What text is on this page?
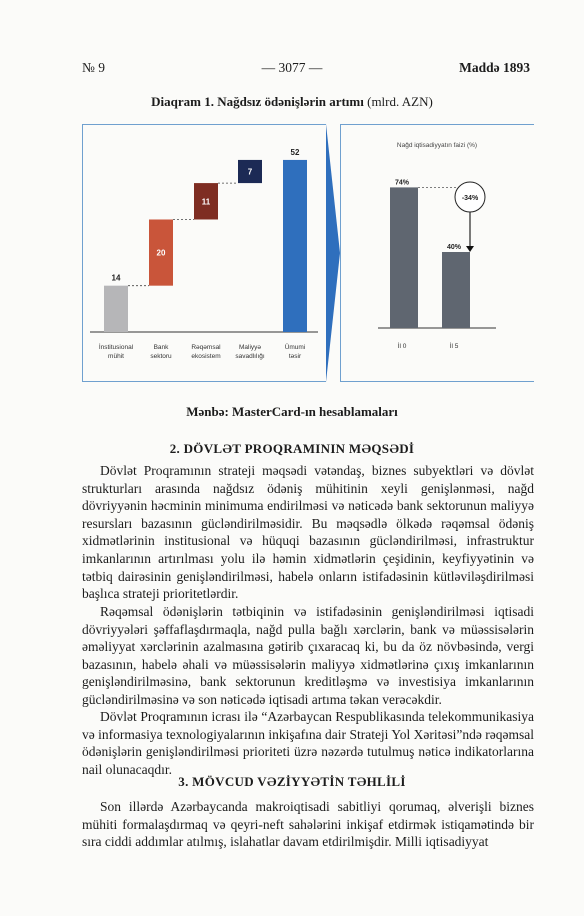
№ 9	— 3077 —	Maddə 1893
Diaqram 1. Nağdsız ödənişlərin artımı (mlrd. AZN)
14
İnstitusional
mühit
20
Bank
sektoru
11
Rəqəmsal
ekosistem
7
Maliyyə
savadlılığı
52
Ümumi
təsir
Nağd iqtisadiyyatın faizi (%)
74%
İl 0
40%
İl 5
-34%
Mənbə: MasterCard-ın hesablamaları
2. DÖVLƏT PROQRAMININ MƏQSƏDİ
Dövlət Proqramının strateji məqsədi vətəndaş, biznes subyektləri və dövlət strukturları arasında nağdsız ödəniş mühitinin xeyli genişlənməsi, nağd dövriyyənin həcminin minimuma endirilməsi və nəticədə bank sektorunun maliyyə resursları bazasının gücləndirilməsidir. Bu məqsədlə ölkədə rəqəmsal ödəniş xidmətlərinin institusional və hüquqi bazasının gücləndirilməsi, infrastruktur imkanlarının artırılması yolu ilə həmin xidmətlərin çeşidinin, keyfiyyətinin və tətbiq dairəsinin genişləndirilməsi, habelə onların istifadəsinin kütləviləşdirilməsi başlıca strateji prioritetlərdir.
Rəqəmsal ödənişlərin tətbiqinin və istifadəsinin genişləndirilməsi iqtisadi dövriyyələri şəffaflaşdırmaqla, nağd pulla bağlı xərclərin, bank və müəssisələrin əməliyyat xərclərinin azalmasına gətirib çıxaracaq ki, bu da öz növbəsində, vergi bazasının, habelə əhali və müəssisələrin maliyyə xidmətlərinə çıxış imkanlarının genişləndirilməsinə, bank sektorunun kreditləşmə və investisiya imkanlarının gücləndirilməsinə və son nəticədə iqtisadi artıma təkan verəcəkdir.
Dövlət Proqramının icrası ilə “Azərbaycan Respublikasında telekommunikasiya və informasiya texnologiyalarının inkişafına dair Strateji Yol Xəritəsi”ndə rəqəmsal ödənişlərin genişləndirilməsi prioriteti üzrə nəzərdə tutulmuş nəticə indikatorlarına nail olunacaqdır.
3. MÖVCUD VƏZİYYƏTİN TƏHLİLİ
Son illərdə Azərbaycanda makroiqtisadi sabitliyi qorumaq, əlverişli biznes mühiti formalaşdırmaq və qeyri-neft sahələrini inkişaf etdirmək istiqamətində bir sıra ciddi addımlar atılmış, islahatlar davam etdirilmişdir. Milli iqtisadiyyat
